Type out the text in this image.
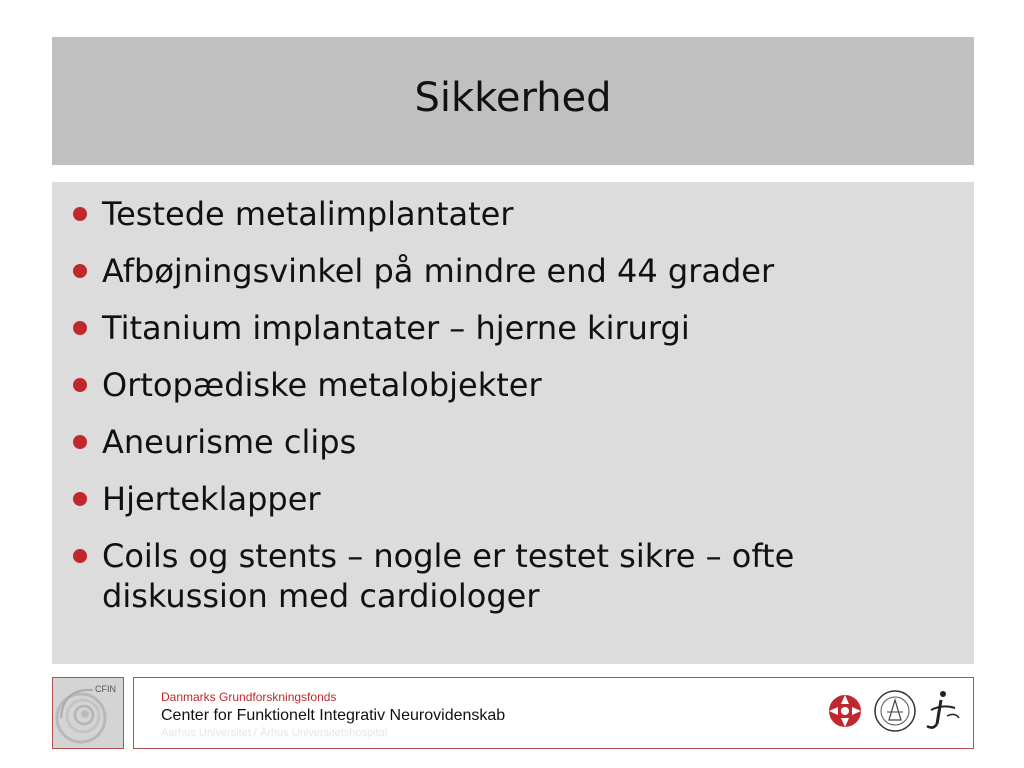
Sikkerhed
Testede metalimplantater
Afbøjningsvinkel på mindre end 44 grader
Titanium implantater – hjerne kirurgi
Ortopædiske metalobjekter
Aneurisme clips
Hjerteklapper
Coils og stents – nogle er testet sikre – ofte diskussion med cardiologer
CFIN
Danmarks Grundforskningsfonds
Center for Funktionelt Integrativ Neurovidenskab
Aarhus Universitet / Århus Universitetshospital
